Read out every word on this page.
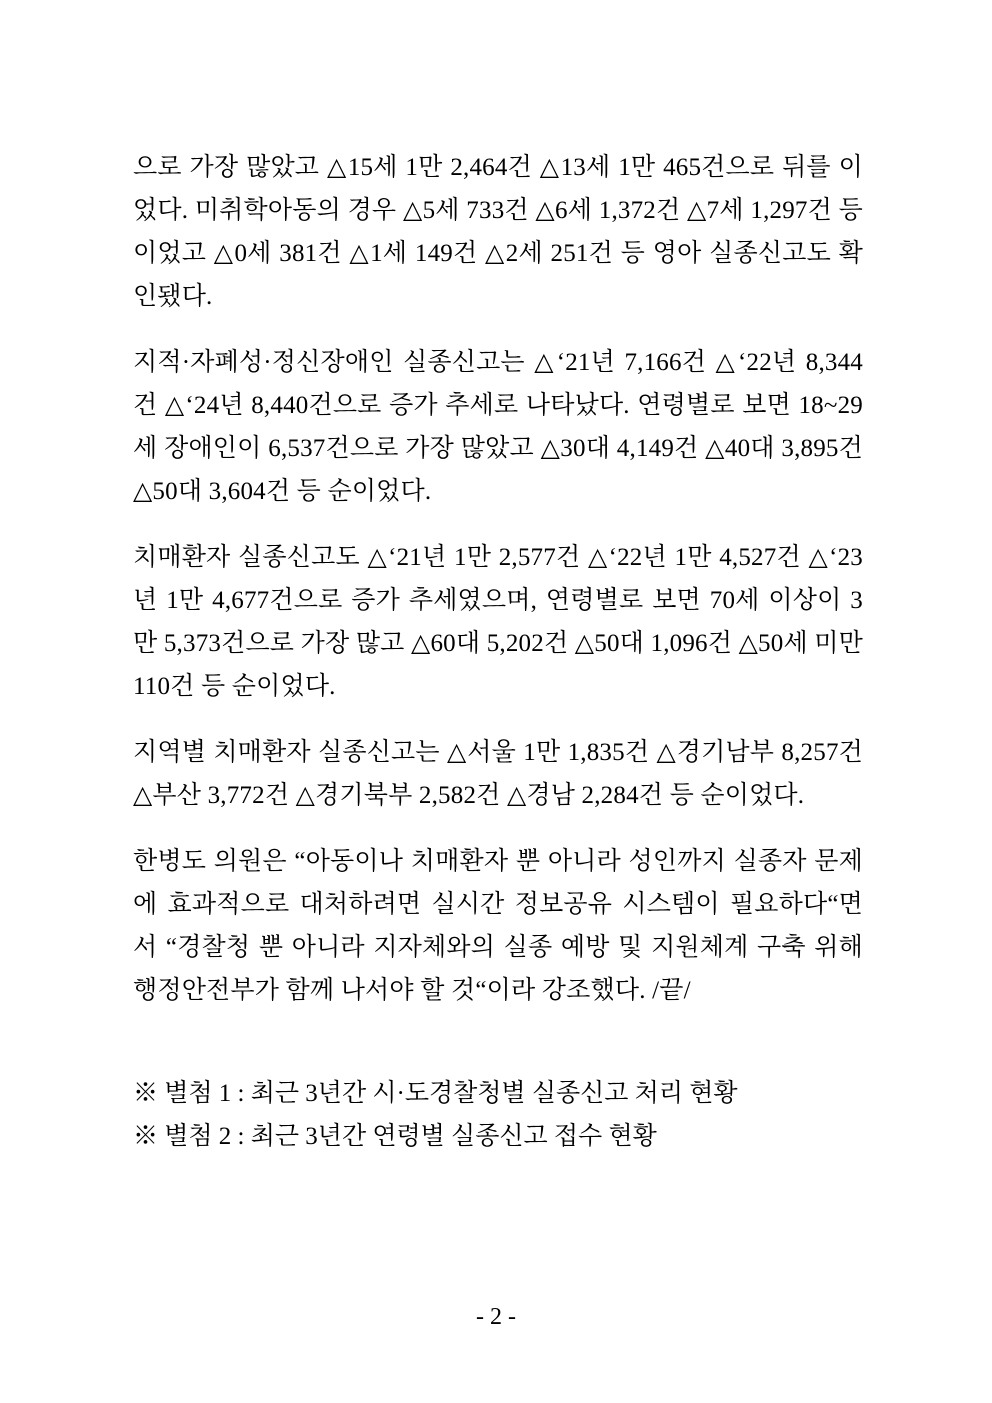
으로 가장 많았고 △15세 1만 2,464건 △13세 1만 465건으로 뒤를 이었다. 미취학아동의 경우 △5세 733건 △6세 1,372건 △7세 1,297건 등이었고 △0세 381건 △1세 149건 △2세 251건 등 영아 실종신고도 확인됐다.

지적·자폐성·정신장애인 실종신고는 △‘21년 7,166건 △‘22년 8,344건 △‘24년 8,440건으로 증가 추세로 나타났다. 연령별로 보면 18~29세 장애인이 6,537건으로 가장 많았고 △30대 4,149건 △40대 3,895건 △50대 3,604건 등 순이었다.

치매환자 실종신고도 △‘21년 1만 2,577건 △‘22년 1만 4,527건 △‘23년 1만 4,677건으로 증가 추세였으며, 연령별로 보면 70세 이상이 3만 5,373건으로 가장 많고 △60대 5,202건 △50대 1,096건 △50세 미만 110건 등 순이었다.

지역별 치매환자 실종신고는 △서울 1만 1,835건 △경기남부 8,257건 △부산 3,772건 △경기북부 2,582건 △경남 2,284건 등 순이었다.

한병도 의원은 “아동이나 치매환자 뿐 아니라 성인까지 실종자 문제에 효과적으로 대처하려면 실시간 정보공유 시스템이 필요하다“면서 “경찰청 뿐 아니라 지자체와의 실종 예방 및 지원체계 구축 위해 행정안전부가 함께 나서야 할 것“이라 강조했다. /끝/

※ 별첨 1 : 최근 3년간 시·도경찰청별 실종신고 처리 현황

※ 별첨 2 : 최근 3년간 연령별 실종신고 접수 현황

- 2 -
